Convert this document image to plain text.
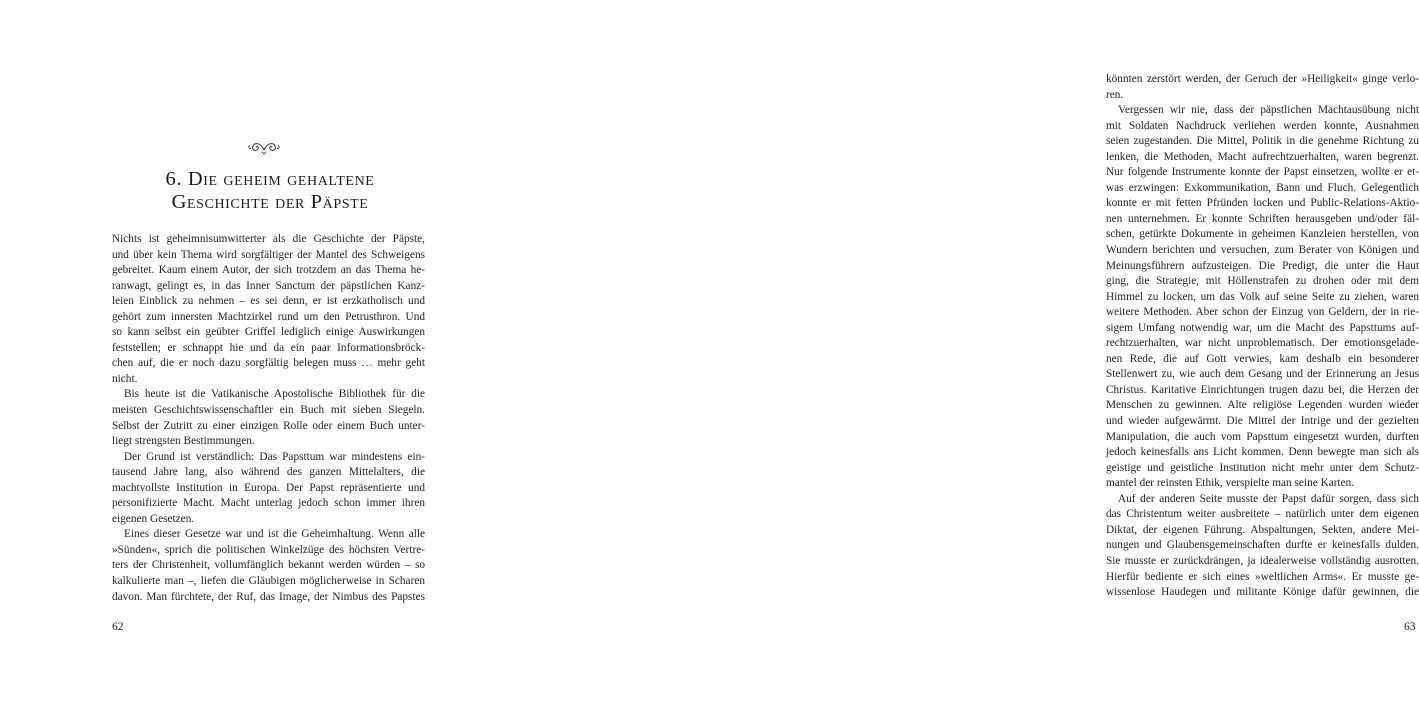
6. Die geheim gehaltene
Geschichte der Päpste
Nichts ist geheimnisumwitterter als die Geschichte der Päpste,
und über kein Thema wird sorgfältiger der Mantel des Schweigens
gebreitet. Kaum einem Autor, der sich trotzdem an das Thema he-
ranwagt, gelingt es, in das Inner Sanctum der päpstlichen Kanz-
leien Einblick zu nehmen – es sei denn, er ist erzkatholisch und
gehört zum innersten Machtzirkel rund um den Petrusthron. Und
so kann selbst ein geübter Griffel lediglich einige Auswirkungen
feststellen; er schnappt hie und da ein paar Informationsbröck-
chen auf, die er noch dazu sorgfältig belegen muss … mehr geht
nicht.
Bis heute ist die Vatikanische Apostolische Bibliothek für die
meisten Geschichtswissenschaftler ein Buch mit sieben Siegeln.
Selbst der Zutritt zu einer einzigen Rolle oder einem Buch unter-
liegt strengsten Bestimmungen.
Der Grund ist verständlich: Das Papsttum war mindestens ein-
tausend Jahre lang, also während des ganzen Mittelalters, die
machtvollste Institution in Europa. Der Papst repräsentierte und
personifizierte Macht. Macht unterlag jedoch schon immer ihren
eigenen Gesetzen.
Eines dieser Gesetze war und ist die Geheimhaltung. Wenn alle
»Sünden«, sprich die politischen Winkelzüge des höchsten Vertre-
ters der Christenheit, vollumfänglich bekannt werden würden – so
kalkulierte man –, liefen die Gläubigen möglicherweise in Scharen
davon. Man fürchtete, der Ruf, das Image, der Nimbus des Papstes
62
könnten zerstört werden, der Geruch der »Heiligkeit« ginge verlo-
ren.
Vergessen wir nie, dass der päpstlichen Machtausübung nicht
mit Soldaten Nachdruck verliehen werden konnte, Ausnahmen
seien zugestanden. Die Mittel, Politik in die genehme Richtung zu
lenken, die Methoden, Macht aufrechtzuerhalten, waren begrenzt.
Nur folgende Instrumente konnte der Papst einsetzen, wollte er et-
was erzwingen: Exkommunikation, Bann und Fluch. Gelegentlich
konnte er mit fetten Pfründen locken und Public-Relations-Aktio-
nen unternehmen. Er konnte Schriften herausgeben und/oder fäl-
schen, getürkte Dokumente in geheimen Kanzleien herstellen, von
Wundern berichten und versuchen, zum Berater von Königen und
Meinungsführern aufzusteigen. Die Predigt, die unter die Haut
ging, die Strategie, mit Höllenstrafen zu drohen oder mit dem
Himmel zu locken, um das Volk auf seine Seite zu ziehen, waren
weitere Methoden. Aber schon der Einzug von Geldern, der in rie-
sigem Umfang notwendig war, um die Macht des Papsttums auf-
rechtzuerhalten, war nicht unproblematisch. Der emotionsgelade-
nen Rede, die auf Gott verwies, kam deshalb ein besonderer
Stellenwert zu, wie auch dem Gesang und der Erinnerung an Jesus
Christus. Karitative Einrichtungen trugen dazu bei, die Herzen der
Menschen zu gewinnen. Alte religiöse Legenden wurden wieder
und wieder aufgewärmt. Die Mittel der Intrige und der gezielten
Manipulation, die auch vom Papsttum eingesetzt wurden, durften
jedoch keinesfalls ans Licht kommen. Denn bewegte man sich als
geistige und geistliche Institution nicht mehr unter dem Schutz-
mantel der reinsten Ethik, verspielte man seine Karten.
Auf der anderen Seite musste der Papst dafür sorgen, dass sich
das Christentum weiter ausbreitete – natürlich unter dem eigenen
Diktat, der eigenen Führung. Abspaltungen, Sekten, andere Mei-
nungen und Glaubensgemeinschaften durfte er keinesfalls dulden.
Sie musste er zurückdrängen, ja idealerweise vollständig ausrotten.
Hierfür bediente er sich eines »weltlichen Arms«. Er musste ge-
wissenlose Haudegen und militante Könige dafür gewinnen, die
63
